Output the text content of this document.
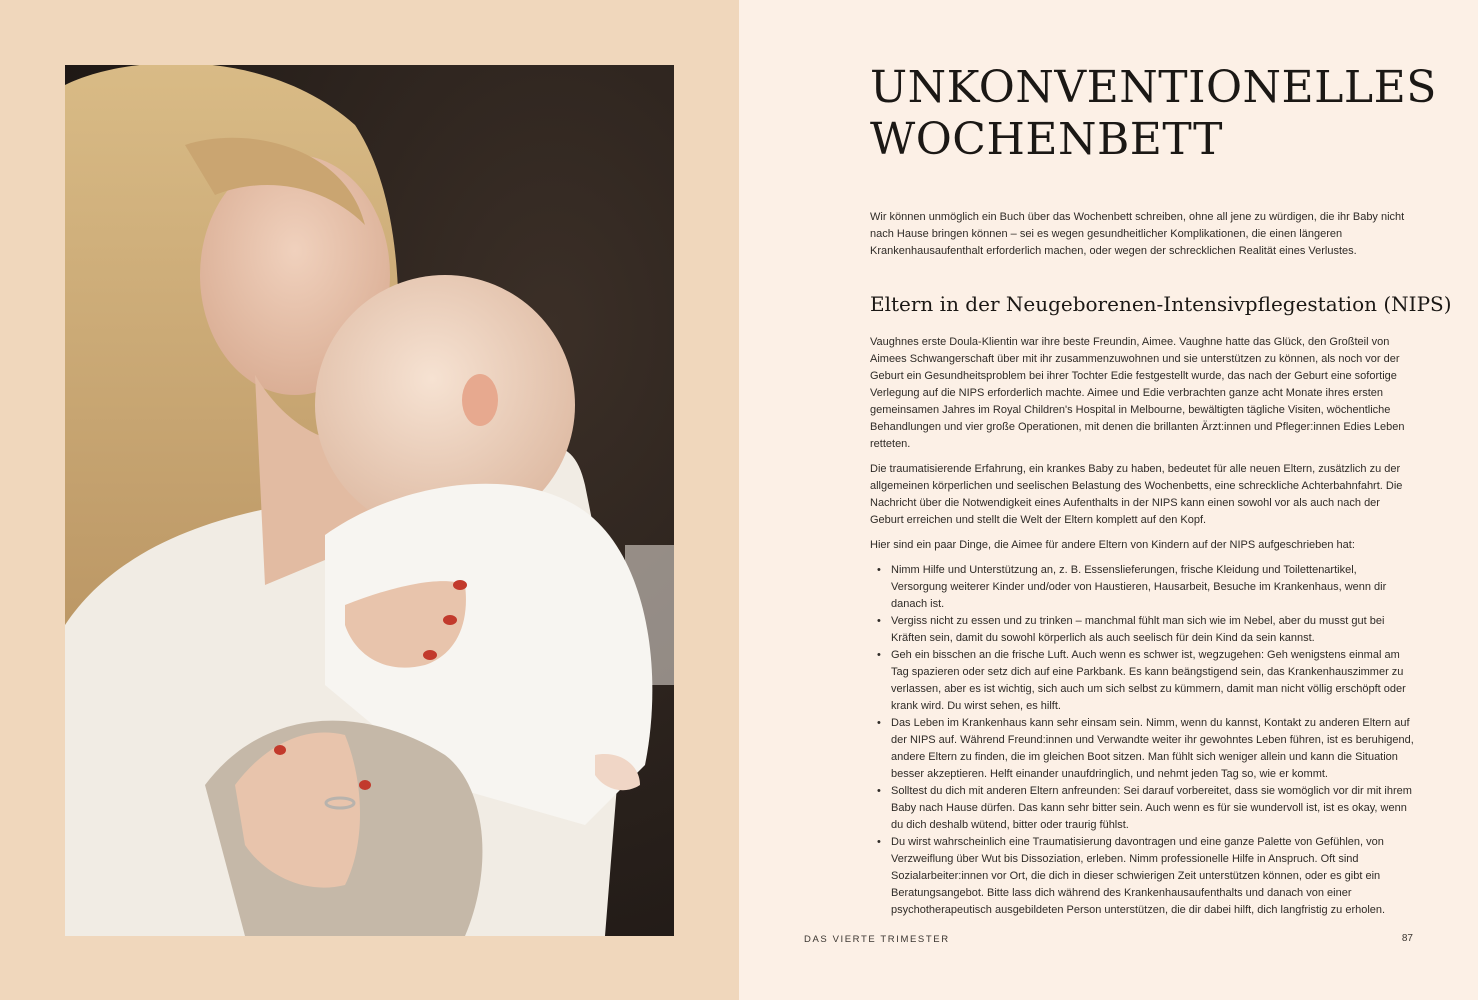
UNKONVENTIONELLES
WOCHENBETT

Wir können unmöglich ein Buch über das Wochenbett schreiben, ohne all jene zu würdigen, die ihr Baby nicht nach Hause bringen können – sei es wegen gesundheitlicher Komplikationen, die einen längeren Krankenhausaufenthalt erforderlich machen, oder wegen der schrecklichen Realität eines Verlustes.

Eltern in der Neugeborenen-Intensivpflegestation (NIPS)

Vaughnes erste Doula-Klientin war ihre beste Freundin, Aimee. Vaughne hatte das Glück, den Großteil von Aimees Schwangerschaft über mit ihr zusammenzuwohnen und sie unterstützen zu können, als noch vor der Geburt ein Gesundheitsproblem bei ihrer Tochter Edie festgestellt wurde, das nach der Geburt eine sofortige Verlegung auf die NIPS erforderlich machte. Aimee und Edie verbrachten ganze acht Monate ihres ersten gemeinsamen Jahres im Royal Children's Hospital in Melbourne, bewältigten tägliche Visiten, wöchentliche Behandlungen und vier große Operationen, mit denen die brillanten Ärzt:innen und Pfleger:innen Edies Leben retteten.

Die traumatisierende Erfahrung, ein krankes Baby zu haben, bedeutet für alle neuen Eltern, zusätzlich zu der allgemeinen körperlichen und seelischen Belastung des Wochenbetts, eine schreckliche Achterbahnfahrt. Die Nachricht über die Notwendigkeit eines Aufenthalts in der NIPS kann einen sowohl vor als auch nach der Geburt erreichen und stellt die Welt der Eltern komplett auf den Kopf.

Hier sind ein paar Dinge, die Aimee für andere Eltern von Kindern auf der NIPS aufgeschrieben hat:

• Nimm Hilfe und Unterstützung an, z. B. Essenslieferungen, frische Kleidung und Toilettenartikel, Versorgung weiterer Kinder und/oder von Haustieren, Hausarbeit, Besuche im Krankenhaus, wenn dir danach ist.
• Vergiss nicht zu essen und zu trinken – manchmal fühlt man sich wie im Nebel, aber du musst gut bei Kräften sein, damit du sowohl körperlich als auch seelisch für dein Kind da sein kannst.
• Geh ein bisschen an die frische Luft. Auch wenn es schwer ist, wegzugehen: Geh wenigstens einmal am Tag spazieren oder setz dich auf eine Parkbank. Es kann beängstigend sein, das Krankenhauszimmer zu verlassen, aber es ist wichtig, sich auch um sich selbst zu kümmern, damit man nicht völlig erschöpft oder krank wird. Du wirst sehen, es hilft.
• Das Leben im Krankenhaus kann sehr einsam sein. Nimm, wenn du kannst, Kontakt zu anderen Eltern auf der NIPS auf. Während Freund:innen und Verwandte weiter ihr gewohntes Leben führen, ist es beruhigend, andere Eltern zu finden, die im gleichen Boot sitzen. Man fühlt sich weniger allein und kann die Situation besser akzeptieren. Helft einander unaufdringlich, und nehmt jeden Tag so, wie er kommt.
• Solltest du dich mit anderen Eltern anfreunden: Sei darauf vorbereitet, dass sie womöglich vor dir mit ihrem Baby nach Hause dürfen. Das kann sehr bitter sein. Auch wenn es für sie wundervoll ist, ist es okay, wenn du dich deshalb wütend, bitter oder traurig fühlst.
• Du wirst wahrscheinlich eine Traumatisierung davontragen und eine ganze Palette von Gefühlen, von Verzweiflung über Wut bis Dissoziation, erleben. Nimm professionelle Hilfe in Anspruch. Oft sind Sozialarbeiter:innen vor Ort, die dich in dieser schwierigen Zeit unterstützen können, oder es gibt ein Beratungsangebot. Bitte lass dich während des Krankenhausaufenthalts und danach von einer psychotherapeutisch ausgebildeten Person unterstützen, die dir dabei hilft, dich langfristig zu erholen.
DAS VIERTE TRIMESTER	87
